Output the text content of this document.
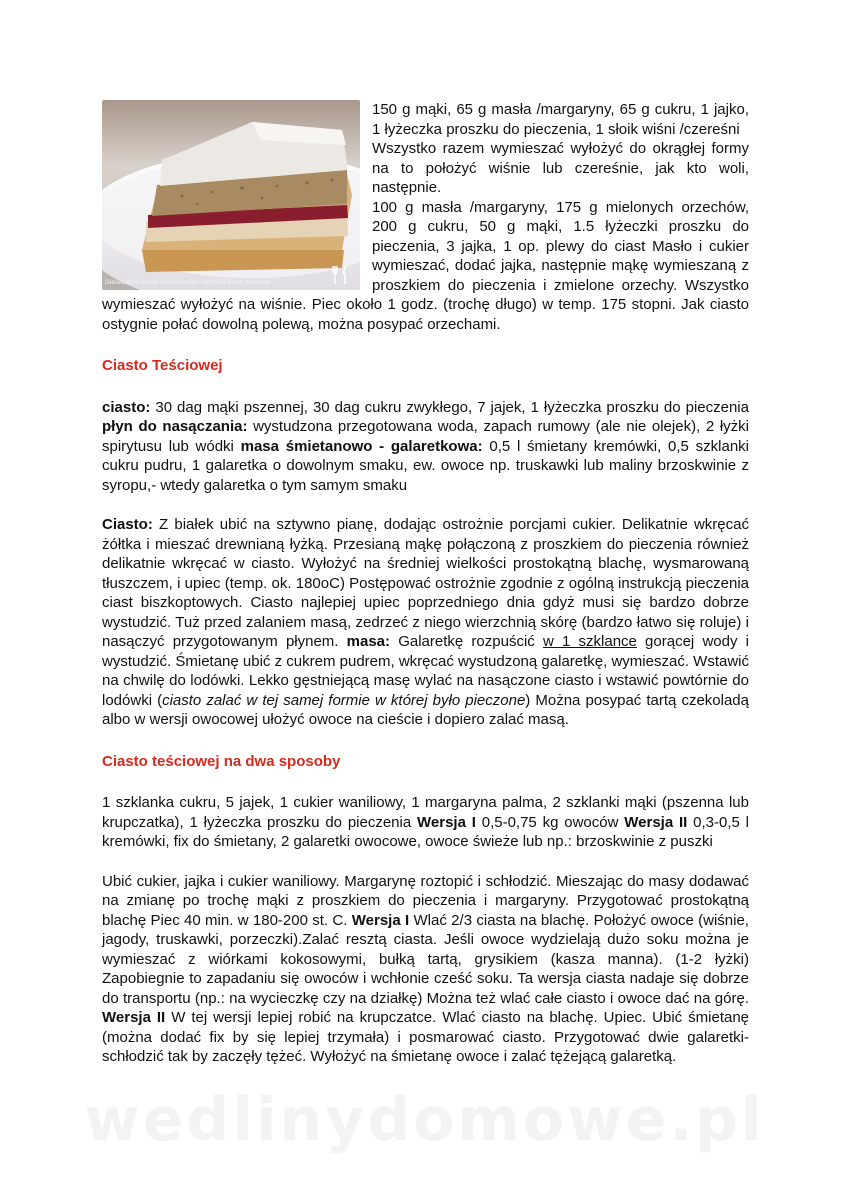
Dieses Bild wurde hochgeladen von DAS kann Rotgeiss

150 g mąki, 65 g masła /margaryny, 65 g cukru, 1 jajko, 1 łyżeczka proszku do pieczenia, 1 słoik wiśni /czereśni
Wszystko razem wymieszać wyłożyć do okrągłej formy na to położyć wiśnie lub czereśnie, jak kto woli, następnie.
100 g masła /margaryny, 175 g mielonych orzechów, 200 g cukru, 50 g mąki, 1.5 łyżeczki proszku do pieczenia, 3 jajka, 1 op. plewy do ciast Masło i cukier wymieszać, dodać jajka, następnie mąkę wymieszaną z proszkiem do pieczenia i zmielone orzechy. Wszystko wymieszać wyłożyć na wiśnie. Piec około 1 godz. (trochę długo) w temp. 175 stopni. Jak ciasto ostygnie połać dowolną polewą, można posypać orzechami.

Ciasto Teściowej

ciasto: 30 dag mąki pszennej, 30 dag cukru zwykłego, 7 jajek, 1 łyżeczka proszku do pieczenia płyn do nasączania: wystudzona przegotowana woda, zapach rumowy (ale nie olejek), 2 łyżki spirytusu lub wódki masa śmietanowo - galaretkowa: 0,5 l śmietany kremówki, 0,5 szklanki cukru pudru, 1 galaretka o dowolnym smaku, ew. owoce np. truskawki lub maliny brzoskwinie z syropu,- wtedy galaretka o tym samym smaku

Ciasto: Z białek ubić na sztywno pianę, dodając ostrożnie porcjami cukier. Delikatnie wkręcać żółtka i mieszać drewnianą łyżką. Przesianą mąkę połączoną z proszkiem do pieczenia również delikatnie wkręcać w ciasto. Wyłożyć na średniej wielkości prostokątną blachę, wysmarowaną tłuszczem, i upiec (temp. ok. 180oC) Postępować ostrożnie zgodnie z ogólną instrukcją pieczenia ciast biszkoptowych. Ciasto najlepiej upiec poprzedniego dnia gdyż musi się bardzo dobrze wystudzić. Tuż przed zalaniem masą, zedrzeć z niego wierzchnią skórę (bardzo łatwo się roluje) i nasączyć przygotowanym płynem. masa: Galaretkę rozpuścić w 1 szklance gorącej wody i wystudzić. Śmietanę ubić z cukrem pudrem, wkręcać wystudzoną galaretkę, wymieszać. Wstawić na chwilę do lodówki. Lekko gęstniejącą masę wylać na nasączone ciasto i wstawić powtórnie do lodówki (ciasto zalać w tej samej formie w której było pieczone) Można posypać tartą czekoladą albo w wersji owocowej ułożyć owoce na cieście i dopiero zalać masą.

Ciasto teściowej na dwa sposoby

1 szklanka cukru, 5 jajek, 1 cukier waniliowy, 1 margaryna palma, 2 szklanki mąki (pszenna lub krupczatka), 1 łyżeczka proszku do pieczenia Wersja I 0,5-0,75 kg owoców Wersja II 0,3-0,5 l kremówki, fix do śmietany, 2 galaretki owocowe, owoce świeże lub np.: brzoskwinie z puszki

Ubić cukier, jajka i cukier waniliowy. Margarynę roztopić i schłodzić. Mieszając do masy dodawać na zmianę po trochę mąki z proszkiem do pieczenia i margaryny. Przygotować prostokątną blachę Piec 40 min. w 180-200 st. C. Wersja I Wlać 2/3 ciasta na blachę. Położyć owoce (wiśnie, jagody, truskawki, porzeczki).Zalać resztą ciasta. Jeśli owoce wydzielają dużo soku można je wymieszać z wiórkami kokosowymi, bułką tartą, grysikiem (kasza manna). (1-2 łyżki) Zapobiegnie to zapadaniu się owoców i wchłonie cześć soku. Ta wersja ciasta nadaje się dobrze do transportu (np.: na wycieczkę czy na działkę) Można też wlać całe ciasto i owoce dać na górę. Wersja II W tej wersji lepiej robić na krupczatce. Wlać ciasto na blachę. Upiec. Ubić śmietanę (można dodać fix by się lepiej trzymała) i posmarować ciasto. Przygotować dwie galaretki- schłodzić tak by zaczęły tężeć. Wyłożyć na śmietanę owoce i zalać tężejącą galaretką.

wedlinydomowe.pl
